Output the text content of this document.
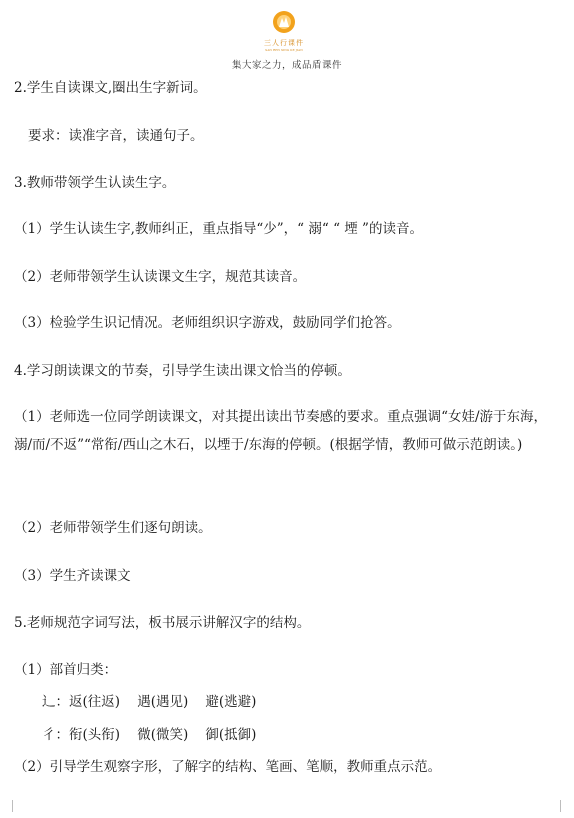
三人行课件
SAN REN XING KE JIAN
集大家之力，成品盾课件
2.学生自读课文,圈出生字新词。
要求：读准字音，读通句子。
3.教师带领学生认读生字。
（1）学生认读生字,教师纠正，重点指导“少”，“ 溺“ “ 堙 ”的读音。
（2）老师带领学生认读课文生字，规范其读音。
（3）检验学生识记情况。老师组织识字游戏，鼓励同学们抢答。
4.学习朗读课文的节奏，引导学生读出课文恰当的停顿。
（1）老师选一位同学朗读课文，对其提出读出节奏感的要求。重点强调“女娃/游于东海，溺/而/不返”“常衔/西山之木石，以堙于/东海的停顿。(根据学情，教师可做示范朗读。)
（2）老师带领学生们逐句朗读。
（3）学生齐读课文
5.老师规范字词写法，板书展示讲解汉字的结构。
（1）部首归类：
辶：返(往返)    遇(遇见)    避(逃避)
彳：衔(头衔)    微(微笑)    御(抵御)
（2）引导学生观察字形，了解字的结构、笔画、笔顺，教师重点示范。
